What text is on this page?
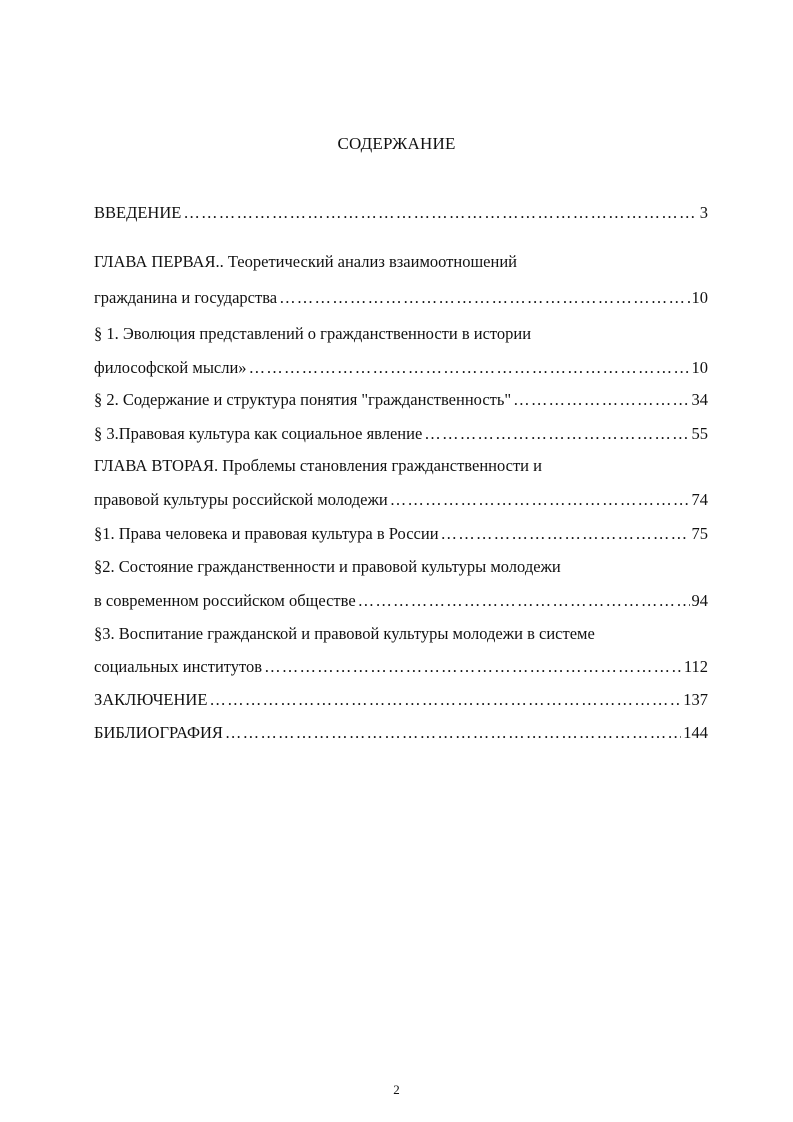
СОДЕРЖАНИЕ
ВВЕДЕНИЕ …………………………………………………………………………………………………………………………………………………………………………	3
ГЛАВА ПЕРВАЯ.. Теоретический анализ взаимоотношений
гражданина и государства …………………………………………………………………………………………………………………………………………………………………………	10
§ 1. Эволюция представлений о гражданственности в истории
философской мысли» …………………………………………………………………………………………………………………………………………………………………………	10
§ 2. Содержание и структура понятия "гражданственность" …………………………………………………………………………………………………………………………………………………………………………	34
§ 3.Правовая культура как социальное явление …………………………………………………………………………………………………………………………………………………………………………	55
ГЛАВА ВТОРАЯ. Проблемы становления гражданственности и
правовой культуры российской молодежи …………………………………………………………………………………………………………………………………………………………………………	74
§1. Права человека и правовая культура в России …………………………………………………………………………………………………………………………………………………………………………	75
§2. Состояние гражданственности и правовой культуры молодежи
в современном российском обществе …………………………………………………………………………………………………………………………………………………………………………	94
§3. Воспитание гражданской и правовой культуры молодежи в системе
социальных институтов …………………………………………………………………………………………………………………………………………………………………………	112
ЗАКЛЮЧЕНИЕ …………………………………………………………………………………………………………………………………………………………………………	137
БИБЛИОГРАФИЯ …………………………………………………………………………………………………………………………………………………………………………	144
2
